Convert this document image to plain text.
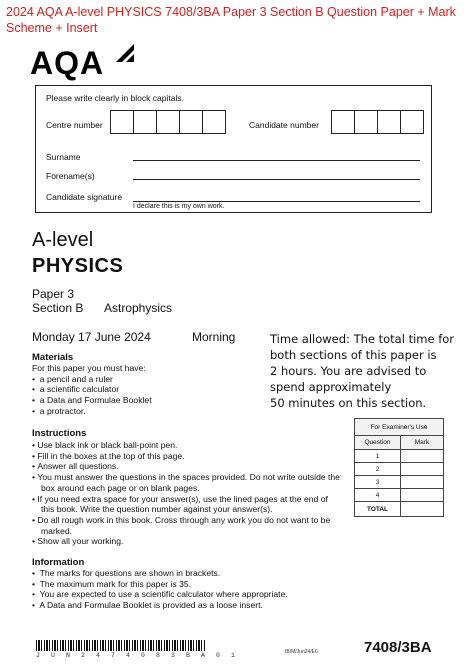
2024 AQA A-level PHYSICS 7408/3BA Paper 3 Section B Question Paper + Mark Scheme + Insert
AQA
Please write clearly in block capitals.
Centre number	Candidate number
Surname
Forename(s)
Candidate signature
I declare this is my own work.
A-level
PHYSICS
Paper 3
Section B Astrophysics
Monday 17 June 2024	Morning	Time allowed: The total time for
both sections of this paper is
2 hours. You are advised to
spend approximately
50 minutes on this section.
Materials
For this paper you must have:
•  a pencil and a ruler
•  a scientific calculator
•  a Data and Formulae Booklet
•  a protractor.
Instructions
• Use black ink or black ball-point pen.
• Fill in the boxes at the top of this page.
• Answer all questions.
• You must answer the questions in the spaces provided. Do not write outside the box around each page or on blank pages.
• If you need extra space for your answer(s), use the lined pages at the end of this book. Write the question number against your answer(s).
• Do all rough work in this book. Cross through any work you do not want to be marked.
• Show all your working.
Information
•  The marks for questions are shown in brackets.
•  The maximum mark for this paper is 35.
•  You are expected to use a scientific calculator where appropriate.
•  A Data and Formulae Booklet is provided as a loose insert.
For Examiner's Use	
Question	Mark
1	
2	
3	
4	
TOTAL	
J U N 2 4 7 4 0 8 3 B A 0 1	IB/M/Jun24/E6	7408/3BA
